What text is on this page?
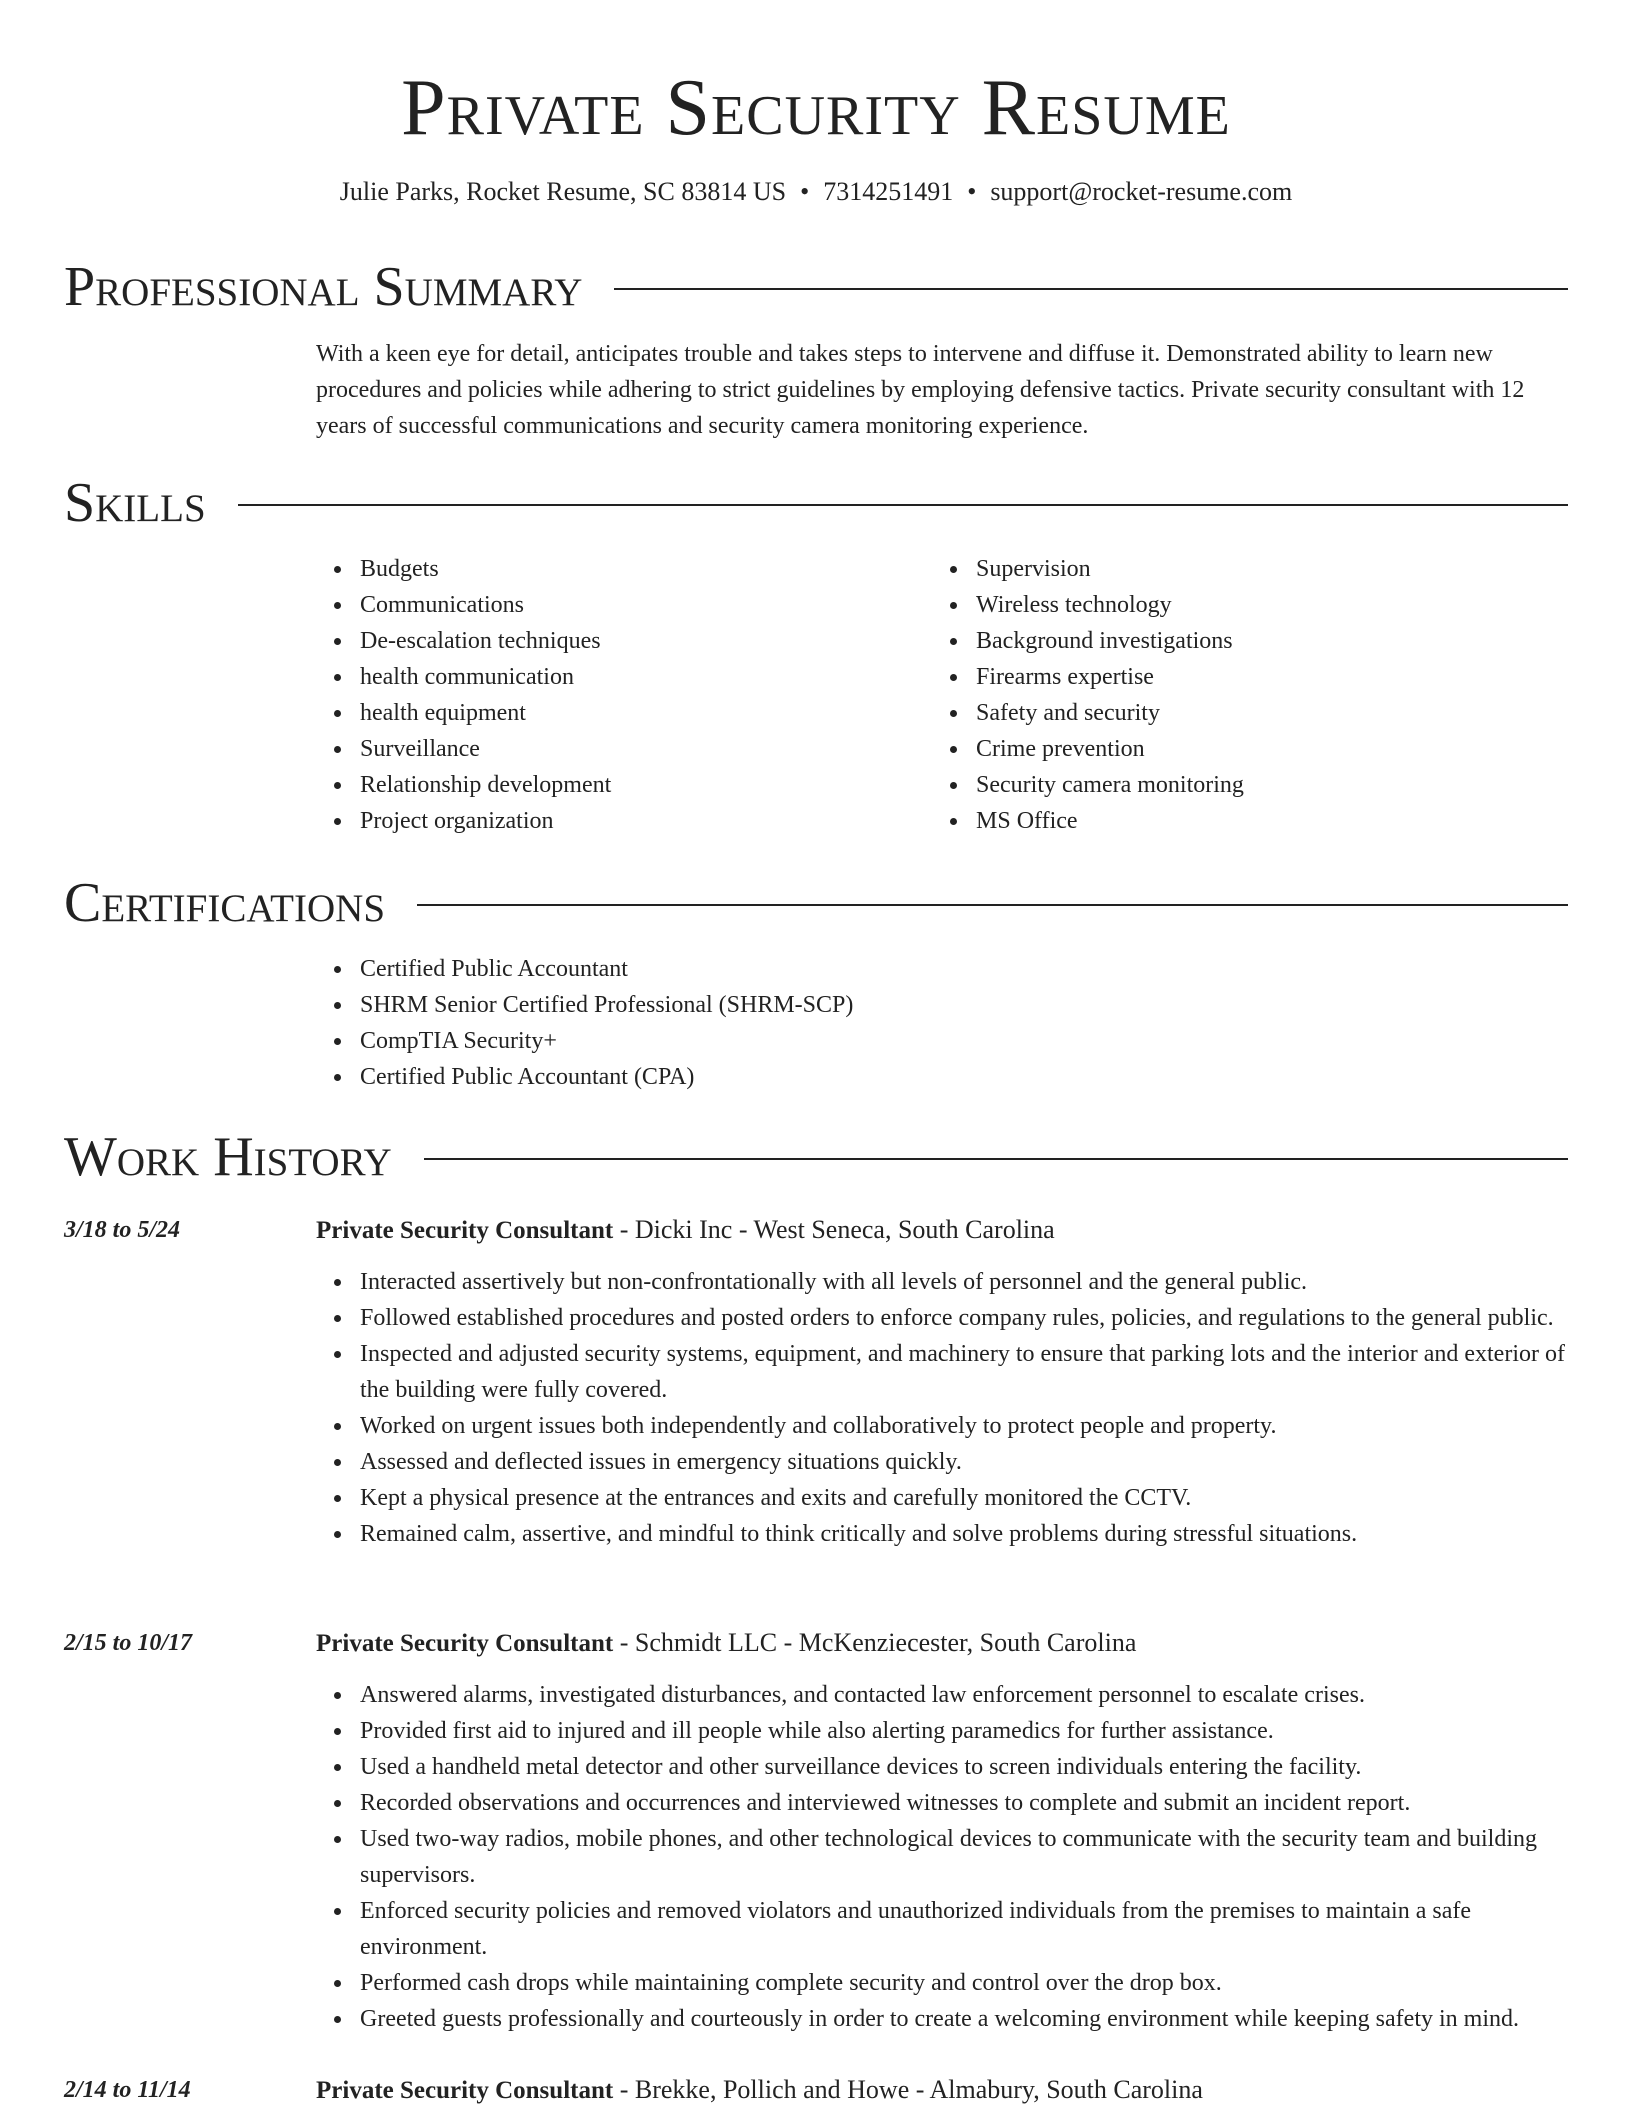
Private Security Resume
Julie Parks, Rocket Resume, SC 83814 US • 7314251491 • support@rocket-resume.com
Professional Summary

With a keen eye for detail, anticipates trouble and takes steps to intervene and diffuse it. Demonstrated ability to learn new procedures and policies while adhering to strict guidelines by employing defensive tactics. Private security consultant with 12 years of successful communications and security camera monitoring experience.

Skills
Budgets
Communications
De-escalation techniques
health communication
health equipment
Surveillance
Relationship development
Project organization
Supervision
Wireless technology
Background investigations
Firearms expertise
Safety and security
Crime prevention
Security camera monitoring
MS Office
Certifications
Certified Public Accountant
SHRM Senior Certified Professional (SHRM-SCP)
CompTIA Security+
Certified Public Accountant (CPA)
Work History
3/18 to 5/24	Private Security Consultant - Dicki Inc - West Seneca, South Carolina
Interacted assertively but non-confrontationally with all levels of personnel and the general public.
Followed established procedures and posted orders to enforce company rules, policies, and regulations to the general public.
Inspected and adjusted security systems, equipment, and machinery to ensure that parking lots and the interior and exterior of the building were fully covered.
Worked on urgent issues both independently and collaboratively to protect people and property.
Assessed and deflected issues in emergency situations quickly.
Kept a physical presence at the entrances and exits and carefully monitored the CCTV.
Remained calm, assertive, and mindful to think critically and solve problems during stressful situations.
2/15 to 10/17	Private Security Consultant - Schmidt LLC - McKenziecester, South Carolina
Answered alarms, investigated disturbances, and contacted law enforcement personnel to escalate crises.
Provided first aid to injured and ill people while also alerting paramedics for further assistance.
Used a handheld metal detector and other surveillance devices to screen individuals entering the facility.
Recorded observations and occurrences and interviewed witnesses to complete and submit an incident report.
Used two-way radios, mobile phones, and other technological devices to communicate with the security team and building supervisors.
Enforced security policies and removed violators and unauthorized individuals from the premises to maintain a safe environment.
Performed cash drops while maintaining complete security and control over the drop box.
Greeted guests professionally and courteously in order to create a welcoming environment while keeping safety in mind.
2/14 to 11/14	Private Security Consultant - Brekke, Pollich and Howe - Almabury, South Carolina
